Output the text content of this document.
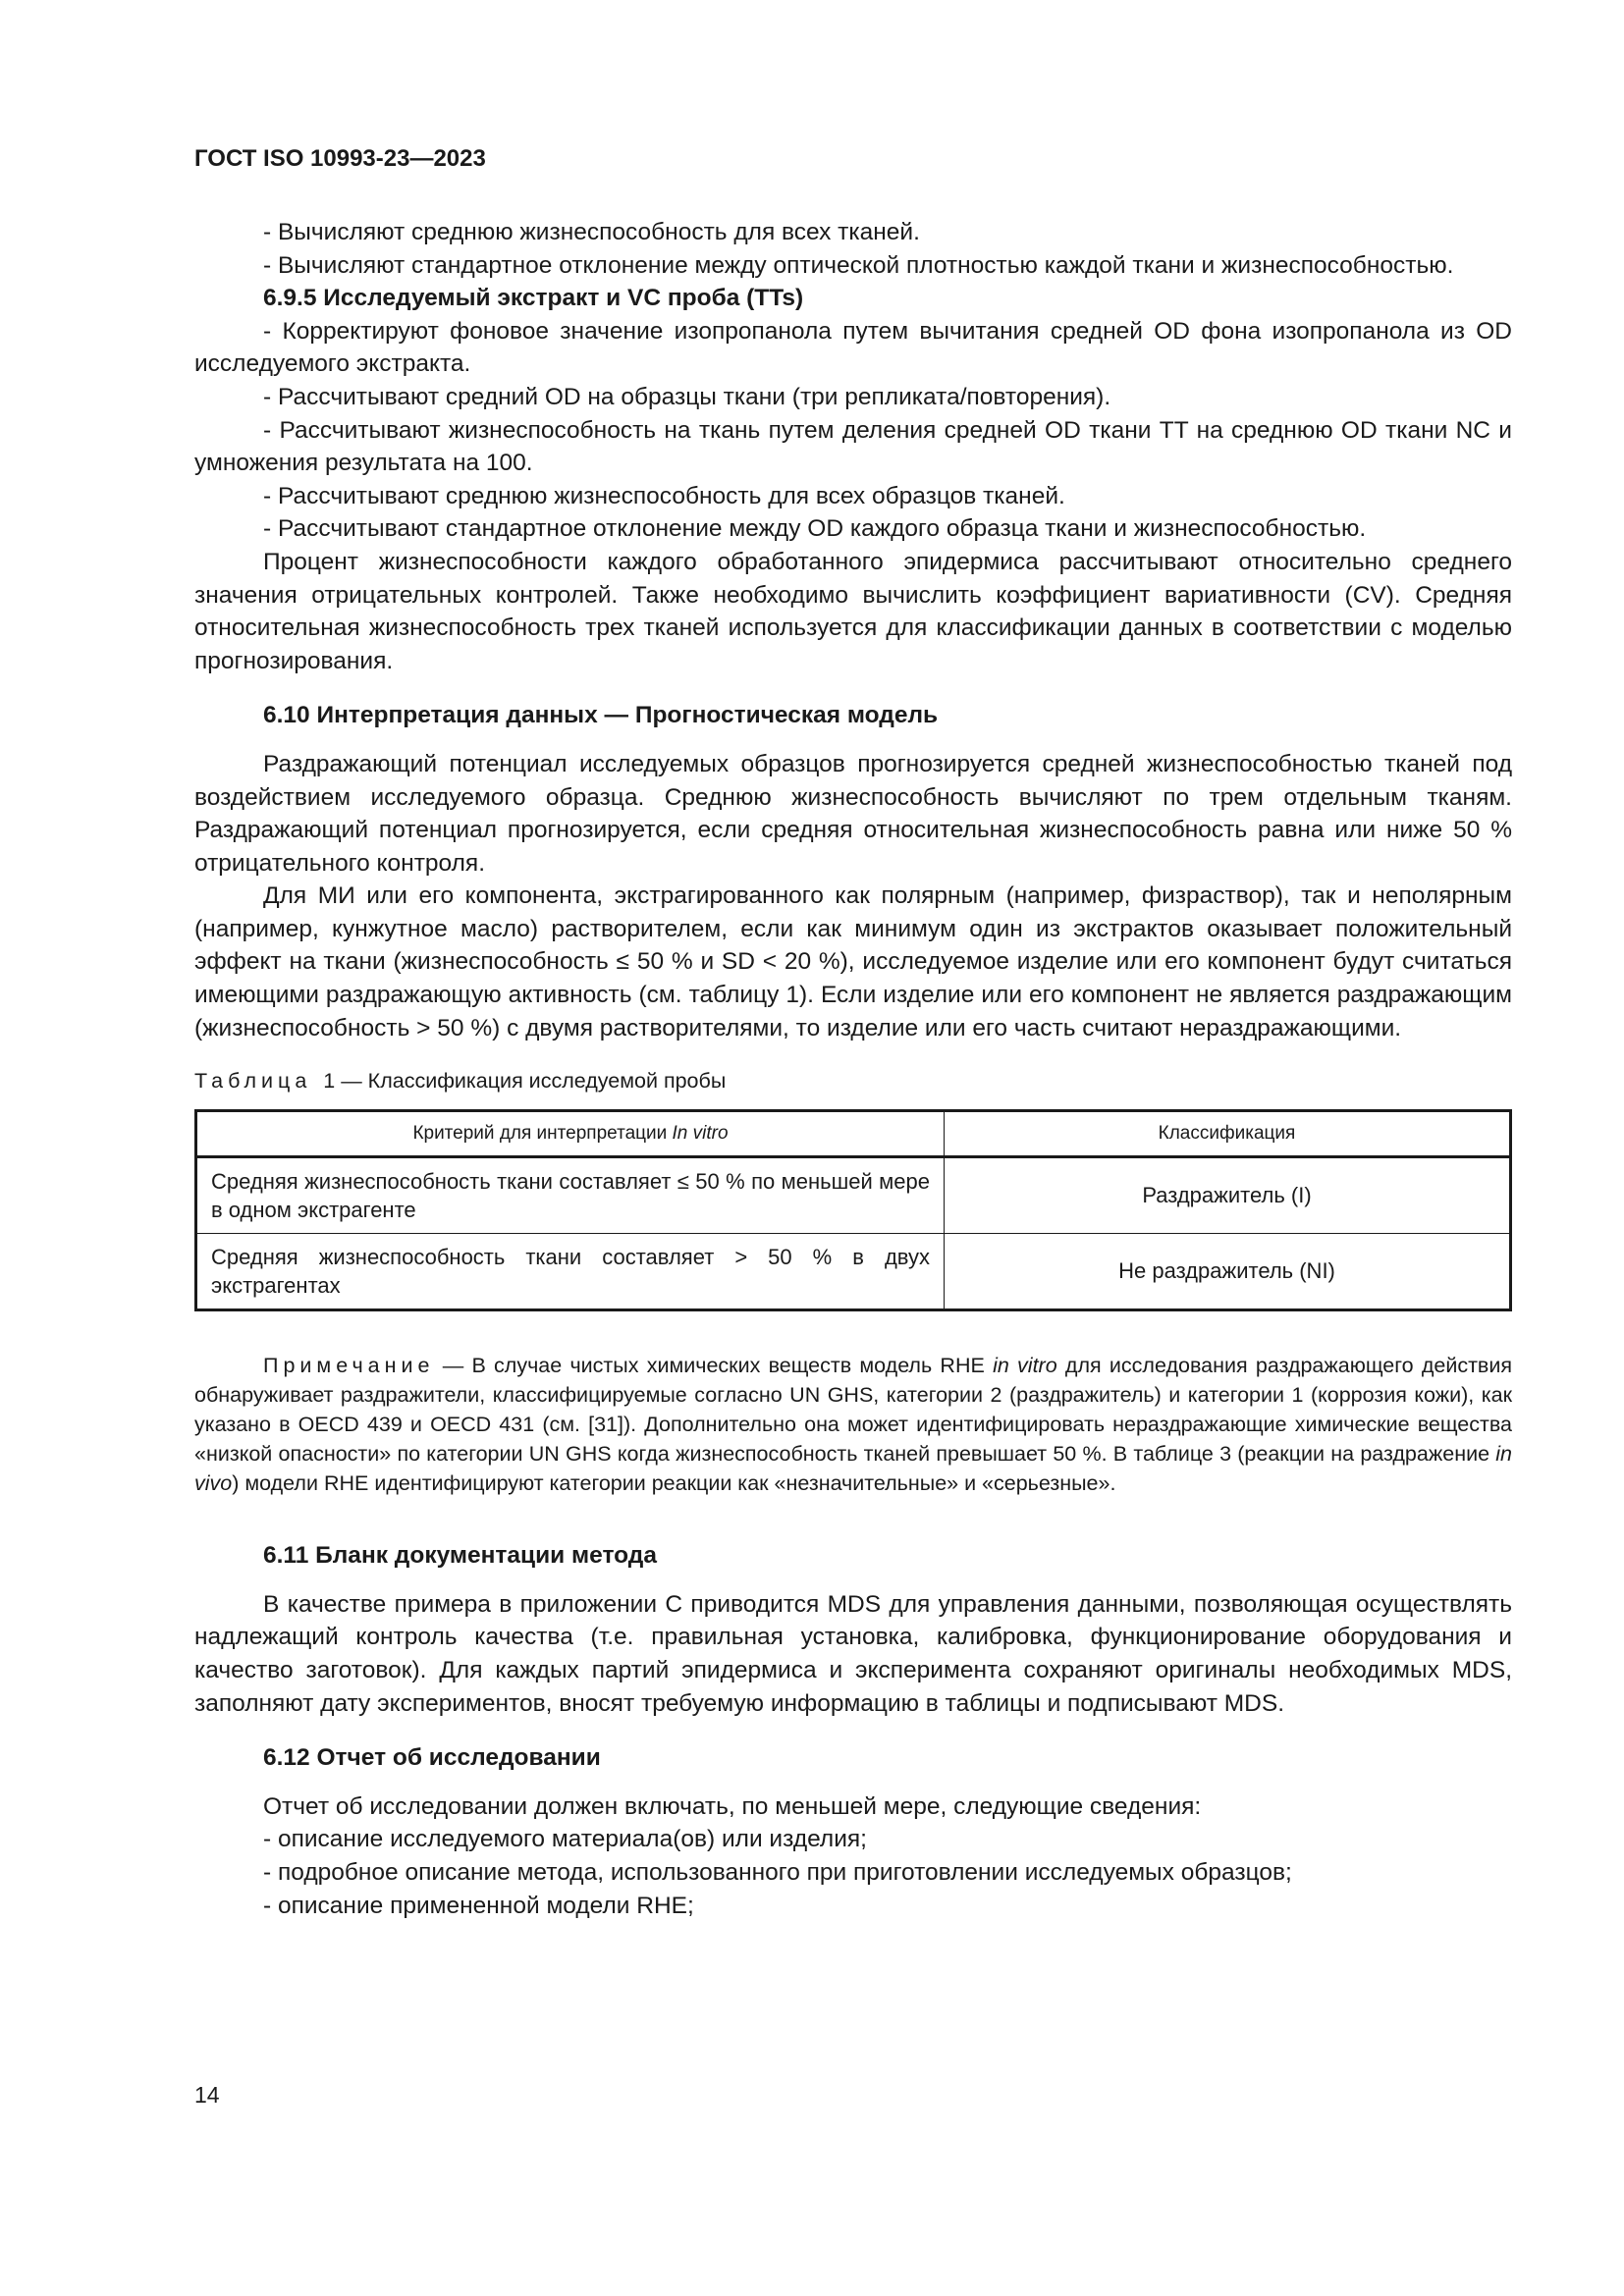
ГОСТ ISO 10993-23—2023

- Вычисляют среднюю жизнеспособность для всех тканей.

- Вычисляют стандартное отклонение между оптической плотностью каждой ткани и жизнеспособностью.

6.9.5 Исследуемый экстракт и VC проба (TTs)

- Корректируют фоновое значение изопропанола путем вычитания средней OD фона изопропанола из OD исследуемого экстракта.

- Рассчитывают средний OD на образцы ткани (три репликата/повторения).

- Рассчитывают жизнеспособность на ткань путем деления средней OD ткани TT на среднюю OD ткани NC и умножения результата на 100.

- Рассчитывают среднюю жизнеспособность для всех образцов тканей.

- Рассчитывают стандартное отклонение между OD каждого образца ткани и жизнеспособностью.

Процент жизнеспособности каждого обработанного эпидермиса рассчитывают относительно среднего значения отрицательных контролей. Также необходимо вычислить коэффициент вариативности (CV). Средняя относительная жизнеспособность трех тканей используется для классификации данных в соответствии с моделью прогнозирования.

6.10 Интерпретация данных — Прогностическая модель

Раздражающий потенциал исследуемых образцов прогнозируется средней жизнеспособностью тканей под воздействием исследуемого образца. Среднюю жизнеспособность вычисляют по трем отдельным тканям. Раздражающий потенциал прогнозируется, если средняя относительная жизнеспособность равна или ниже 50 % отрицательного контроля.

Для МИ или его компонента, экстрагированного как полярным (например, физраствор), так и неполярным (например, кунжутное масло) растворителем, если как минимум один из экстрактов оказывает положительный эффект на ткани (жизнеспособность ≤ 50 % и SD < 20 %), исследуемое изделие или его компонент будут считаться имеющими раздражающую активность (см. таблицу 1). Если изделие или его компонент не является раздражающим (жизнеспособность > 50 %) с двумя растворителями, то изделие или его часть считают нераздражающими.

Таблица 1 — Классификация исследуемой пробы
Критерий для интерпретации In vitro	Классификация
Средняя жизнеспособность ткани составляет ≤ 50 % по меньшей мере в одном экстрагенте	Раздражитель (I)
Средняя жизнеспособность ткани составляет > 50 % в двух экстрагентах	Не раздражитель (NI)
Примечание — В случае чистых химических веществ модель RHE in vitro для исследования раздражающего действия обнаруживает раздражители, классифицируемые согласно UN GHS, категории 2 (раздражитель) и категории 1 (коррозия кожи), как указано в OECD 439 и OECD 431 (см. [31]). Дополнительно она может идентифицировать нераздражающие химические вещества «низкой опасности» по категории UN GHS когда жизнеспособность тканей превышает 50 %. В таблице 3 (реакции на раздражение in vivo) модели RHE идентифицируют категории реакции как «незначительные» и «серьезные».
6.11 Бланк документации метода

В качестве примера в приложении C приводится MDS для управления данными, позволяющая осуществлять надлежащий контроль качества (т.е. правильная установка, калибровка, функционирование оборудования и качество заготовок). Для каждых партий эпидермиса и эксперимента сохраняют оригиналы необходимых MDS, заполняют дату экспериментов, вносят требуемую информацию в таблицы и подписывают MDS.

6.12 Отчет об исследовании

Отчет об исследовании должен включать, по меньшей мере, следующие сведения:

- описание исследуемого материала(ов) или изделия;

- подробное описание метода, использованного при приготовлении исследуемых образцов;

- описание примененной модели RHE;

14
